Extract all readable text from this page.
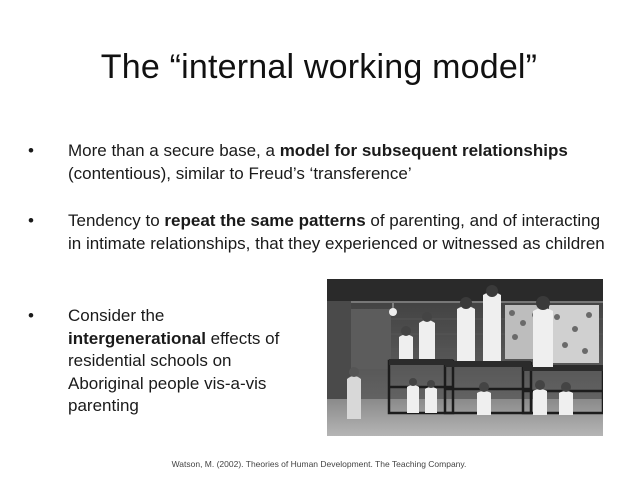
The “internal working model”
• More than a secure base, a model for subsequent relationships (contentious), similar to Freud’s ‘transference’
• Tendency to repeat the same patterns of parenting, and of interacting in intimate relationships, that they experienced or witnessed as children
• Consider the intergenerational effects of residential schools on Aboriginal people vis-a-vis parenting
Watson, M. (2002). Theories of Human Development. The Teaching Company.
